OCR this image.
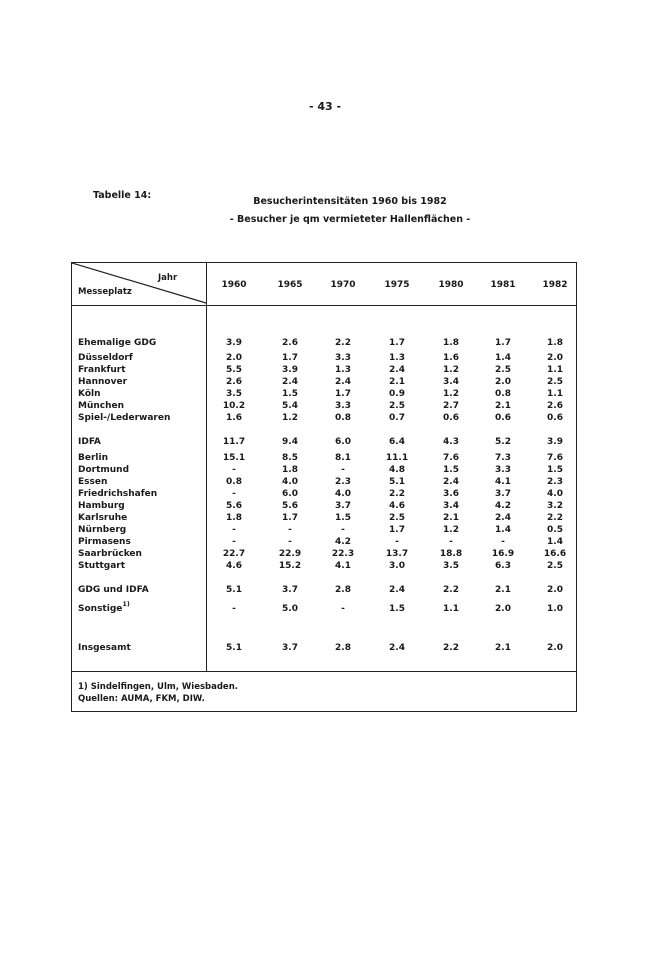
- 43 -
Tabelle 14:
Besucherintensitäten 1960 bis 1982
- Besucher je qm vermieteter Hallenflächen -
Jahr
Messeplatz
1960	1965	1970	1975	1980	1981	1982
Ehemalige GDG	3.9	2.6	2.2	1.7	1.8	1.7	1.8
Düsseldorf	2.0	1.7	3.3	1.3	1.6	1.4	2.0
Frankfurt	5.5	3.9	1.3	2.4	1.2	2.5	1.1
Hannover	2.6	2.4	2.4	2.1	3.4	2.0	2.5
Köln	3.5	1.5	1.7	0.9	1.2	0.8	1.1
München	10.2	5.4	3.3	2.5	2.7	2.1	2.6
Spiel-/Lederwaren	1.6	1.2	0.8	0.7	0.6	0.6	0.6
IDFA	11.7	9.4	6.0	6.4	4.3	5.2	3.9
Berlin	15.1	8.5	8.1	11.1	7.6	7.3	7.6
Dortmund	-	1.8	-	4.8	1.5	3.3	1.5
Essen	0.8	4.0	2.3	5.1	2.4	4.1	2.3
Friedrichshafen	-	6.0	4.0	2.2	3.6	3.7	4.0
Hamburg	5.6	5.6	3.7	4.6	3.4	4.2	3.2
Karlsruhe	1.8	1.7	1.5	2.5	2.1	2.4	2.2
Nürnberg	-	-	-	1.7	1.2	1.4	0.5
Pirmasens	-	-	4.2	-	-	-	1.4
Saarbrücken	22.7	22.9	22.3	13.7	18.8	16.9	16.6
Stuttgart	4.6	15.2	4.1	3.0	3.5	6.3	2.5
GDG und IDFA	5.1	3.7	2.8	2.4	2.2	2.1	2.0
Sonstige$^{1)}$	-	5.0	-	1.5	1.1	2.0	1.0
Insgesamt	5.1	3.7	2.8	2.4	2.2	2.1	2.0
1) Sindelfingen, Ulm, Wiesbaden.
Quellen: AUMA, FKM, DIW.
